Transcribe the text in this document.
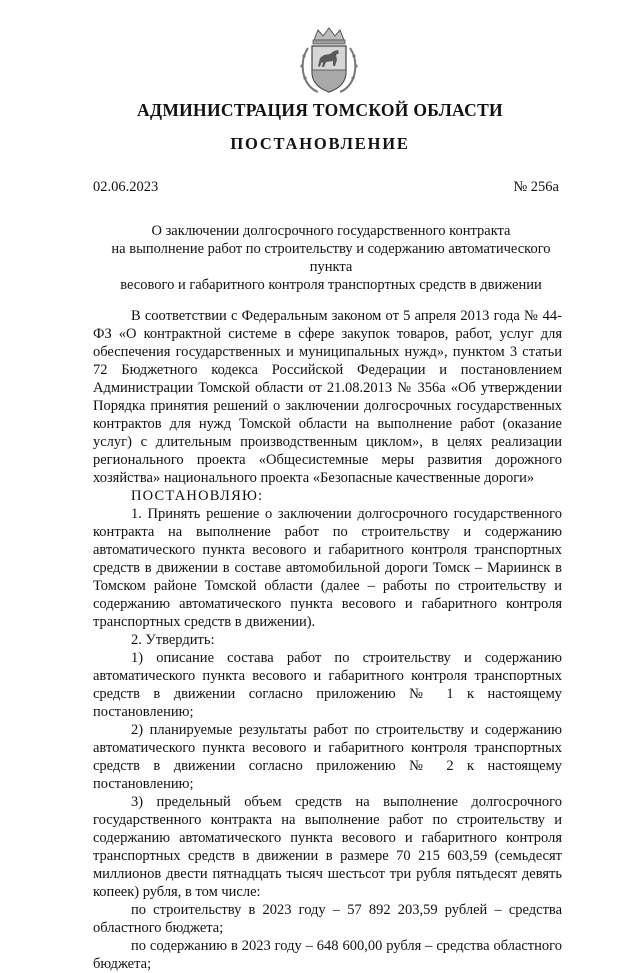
АДМИНИСТРАЦИЯ ТОМСКОЙ ОБЛАСТИ
ПОСТАНОВЛЕНИЕ
02.06.2023	№ 256а
О заключении долгосрочного государственного контракта
на выполнение работ по строительству и содержанию автоматического пункта
весового и габаритного контроля транспортных средств в движении

В соответствии с Федеральным законом от 5 апреля 2013 года № 44-ФЗ «О контрактной системе в сфере закупок товаров, работ, услуг для обеспечения государственных и муниципальных нужд», пунктом 3 статьи 72 Бюджетного кодекса Российской Федерации и постановлением Администрации Томской области от 21.08.2013 № 356а «Об утверждении Порядка принятия решений о заключении долгосрочных государственных контрактов для нужд Томской области на выполнение работ (оказание услуг) с длительным производственным циклом», в целях реализации регионального проекта «Общесистемные меры развития дорожного хозяйства» национального проекта «Безопасные качественные дороги»

ПОСТАНОВЛЯЮ:

1. Принять решение о заключении долгосрочного государственного контракта на выполнение работ по строительству и содержанию автоматического пункта весового и габаритного контроля транспортных средств в движении в составе автомобильной дороги Томск – Мариинск в Томском районе Томской области (далее – работы по строительству и содержанию автоматического пункта весового и габаритного контроля транспортных средств в движении).

2. Утвердить:

1) описание состава работ по строительству и содержанию автоматического пункта весового и габаритного контроля транспортных средств в движении согласно приложению № 1 к настоящему постановлению;

2) планируемые результаты работ по строительству и содержанию автоматического пункта весового и габаритного контроля транспортных средств в движении согласно приложению № 2 к настоящему постановлению;

3) предельный объем средств на выполнение долгосрочного государственного контракта на выполнение работ по строительству и содержанию автоматического пункта весового и габаритного контроля транспортных средств в движении в размере 70 215 603,59 (семьдесят миллионов двести пятнадцать тысяч шестьсот три рубля пятьдесят девять копеек) рубля, в том числе:

по строительству в 2023 году – 57 892 203,59 рублей – средства областного бюджета;

по содержанию в 2023 году – 648 600,00 рубля – средства областного бюджета;
